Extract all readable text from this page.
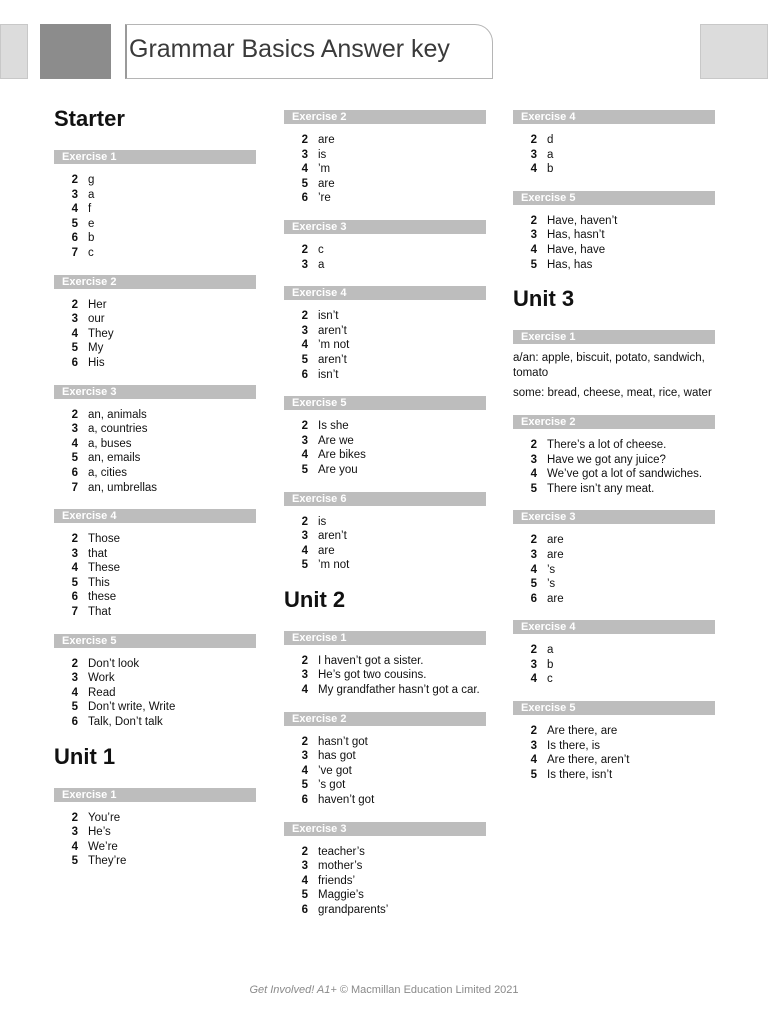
Grammar Basics Answer key
Starter
Exercise 1
2 g
3 a
4 f
5 e
6 b
7 c
Exercise 2
2 Her
3 our
4 They
5 My
6 His
Exercise 3
2 an, animals
3 a, countries
4 a, buses
5 an, emails
6 a, cities
7 an, umbrellas
Exercise 4
2 Those
3 that
4 These
5 This
6 these
7 That
Exercise 5
2 Don’t look
3 Work
4 Read
5 Don’t write, Write
6 Talk, Don’t talk
Unit 1
Exercise 1
2 You’re
3 He’s
4 We’re
5 They’re
Exercise 2
2 are
3 is
4 ’m
5 are
6 ’re
Exercise 3
2 c
3 a
Exercise 4
2 isn’t
3 aren’t
4 ’m not
5 aren’t
6 isn’t
Exercise 5
2 Is she
3 Are we
4 Are bikes
5 Are you
Exercise 6
2 is
3 aren’t
4 are
5 ’m not
Unit 2
Exercise 1
2 I haven’t got a sister.
3 He’s got two cousins.
4 My grandfather hasn’t got a car.
Exercise 2
2 hasn’t got
3 has got
4 ’ve got
5 ’s got
6 haven’t got
Exercise 3
2 teacher’s
3 mother’s
4 friends’
5 Maggie’s
6 grandparents’
Exercise 4
2 d
3 a
4 b
Exercise 5
2 Have, haven’t
3 Has, hasn’t
4 Have, have
5 Has, has
Unit 3
Exercise 1

a/an: apple, biscuit, potato, sandwich, tomato

some: bread, cheese, meat, rice, water

Exercise 2
2 There’s a lot of cheese.
3 Have we got any juice?
4 We’ve got a lot of sandwiches.
5 There isn’t any meat.
Exercise 3
2 are
3 are
4 ’s
5 ’s
6 are
Exercise 4
2 a
3 b
4 c
Exercise 5
2 Are there, are
3 Is there, is
4 Are there, aren’t
5 Is there, isn’t
Get Involved! A1+ © Macmillan Education Limited 2021
